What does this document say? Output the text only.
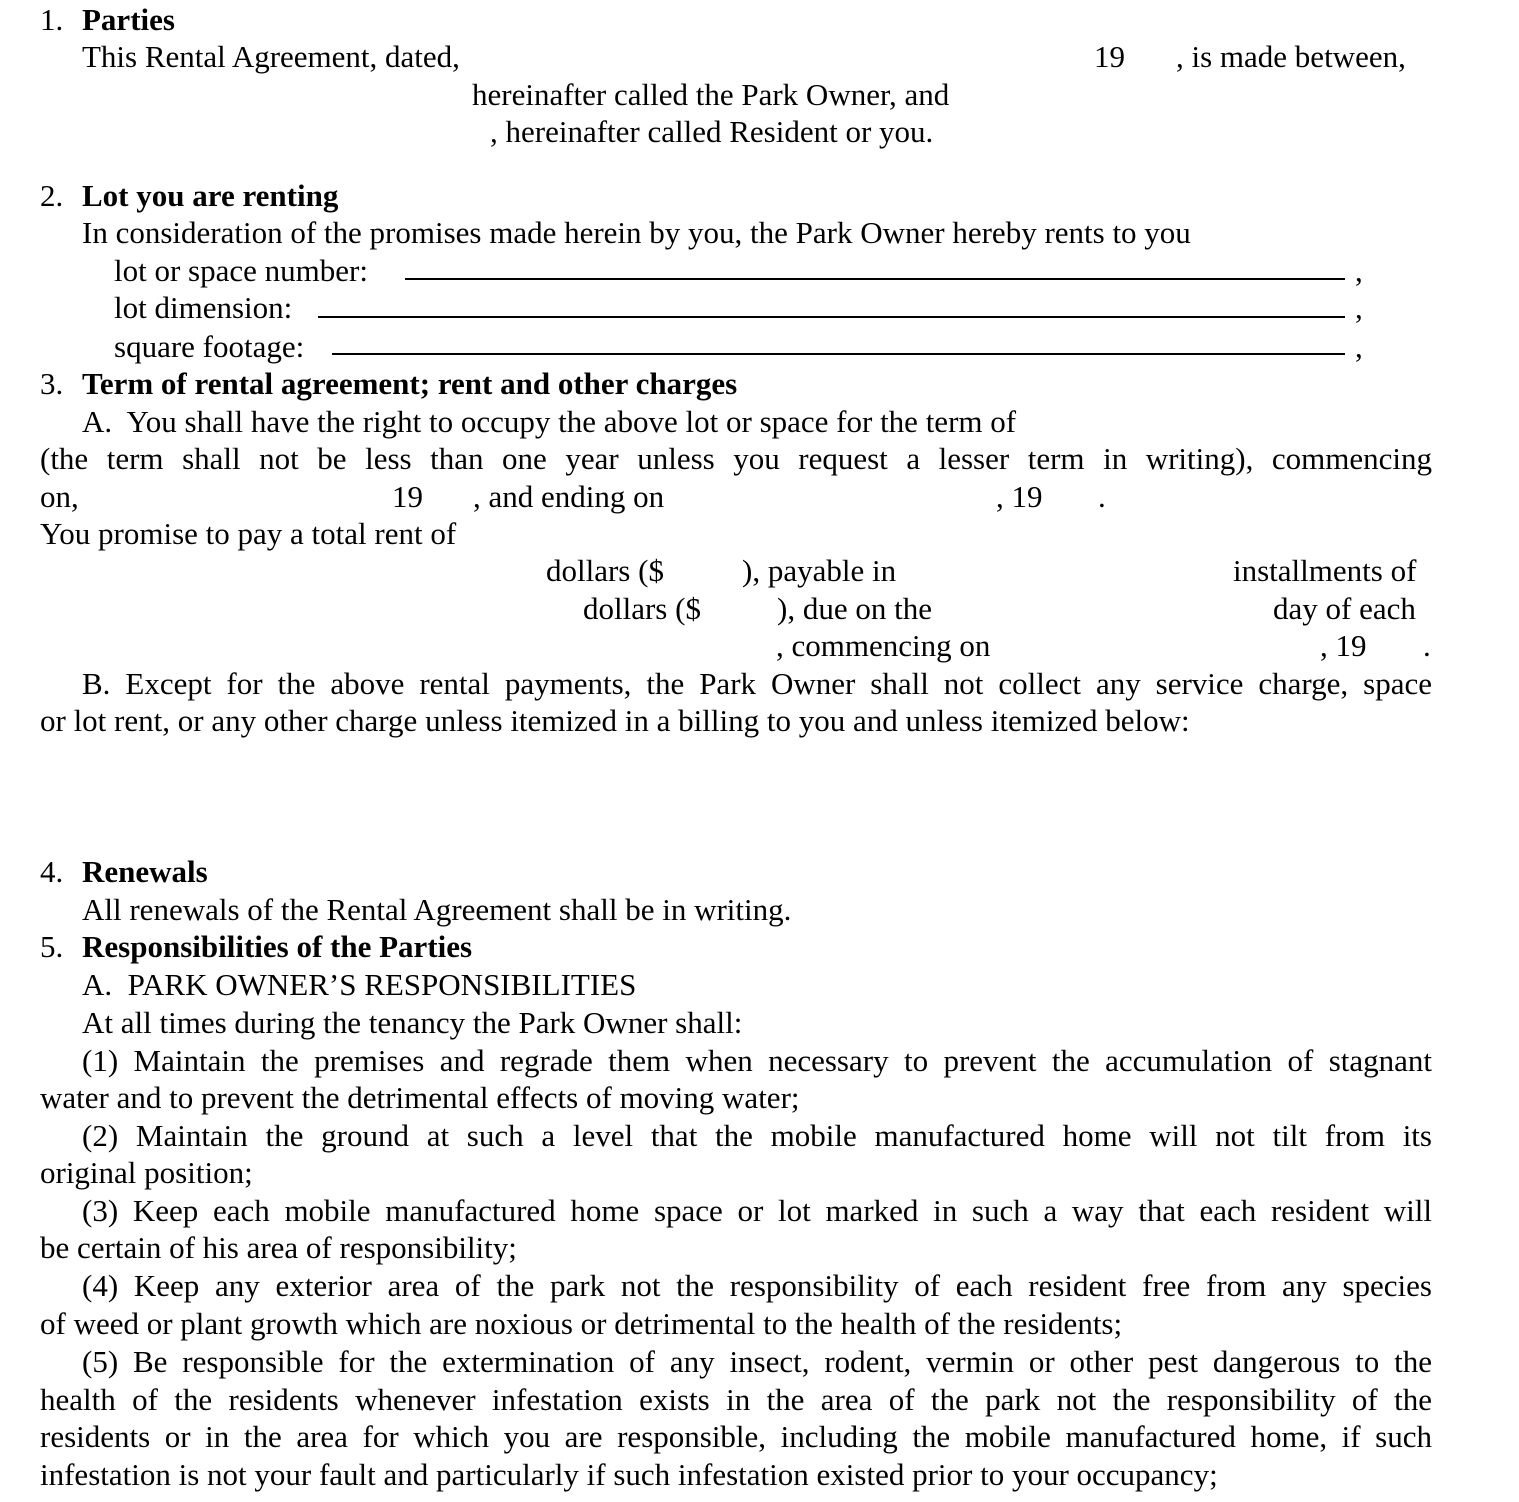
1. Parties
This Rental Agreement, dated,	19 , is made between,
hereinafter called the Park Owner, and
, hereinafter called Resident or you.
2. Lot you are renting
In consideration of the promises made herein by you, the Park Owner hereby rents to you
lot or space number:	,
lot dimension:	,
square footage:	,
3. Term of rental agreement; rent and other charges
A.  You shall have the right to occupy the above lot or space for the term of
(the term shall not be less than one year unless you request a lesser term in writing), commencing
on,	19 , and ending on	, 19 .
You promise to pay a total rent of
dollars ($	), payable in	installments of
dollars ($ ), due on the	day of each
, commencing on	, 19 .
B. Except for the above rental payments, the Park Owner shall not collect any service charge, space
or lot rent, or any other charge unless itemized in a billing to you and unless itemized below:
4. Renewals
All renewals of the Rental Agreement shall be in writing.
5. Responsibilities of the Parties
A.  PARK OWNER’S RESPONSIBILITIES
At all times during the tenancy the Park Owner shall:
(1) Maintain the premises and regrade them when necessary to prevent the accumulation of stagnant
water and to prevent the detrimental effects of moving water;
(2) Maintain the ground at such a level that the mobile manufactured home will not tilt from its
original position;
(3) Keep each mobile manufactured home space or lot marked in such a way that each resident will
be certain of his area of responsibility;
(4) Keep any exterior area of the park not the responsibility of each resident free from any species
of weed or plant growth which are noxious or detrimental to the health of the residents;
(5) Be responsible for the extermination of any insect, rodent, vermin or other pest dangerous to the
health of the residents whenever infestation exists in the area of the park not the responsibility of the
residents or in the area for which you are responsible, including the mobile manufactured home, if such
infestation is not your fault and particularly if such infestation existed prior to your occupancy;
